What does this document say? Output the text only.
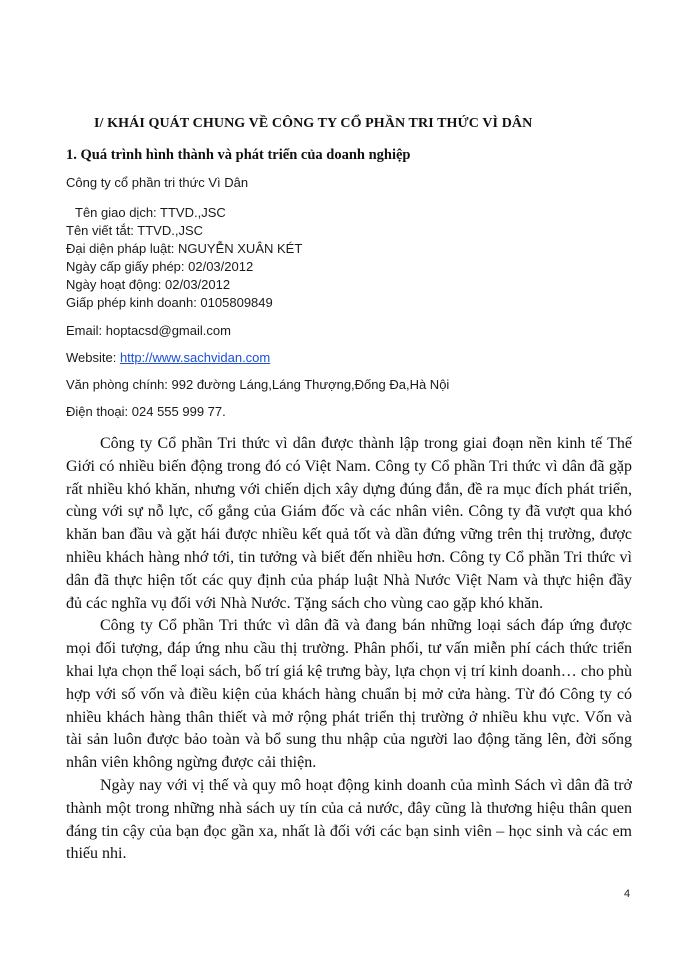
I/ KHÁI QUÁT CHUNG VỀ CÔNG TY CỔ PHẦN TRI THỨC VÌ DÂN
1. Quá trình hình thành và phát triển của doanh nghiệp
Công ty cổ phần tri thức Vì Dân
Tên giao dịch: TTVD.,JSC
Tên viết tắt: TTVD.,JSC
Đại diện pháp luật: NGUYỄN XUÂN KÉT
Ngày cấp giấy phép: 02/03/2012
Ngày hoạt động: 02/03/2012
Giấp phép kinh doanh: 0105809849
Email: hoptacsd@gmail.com
Website: http://www.sachvidan.com
Văn phòng chính: 992 đường Láng,Láng Thượng,Đống Đa,Hà Nội
Điện thoại: 024 555 999 77.

Công ty Cổ phần Tri thức vì dân được thành lập trong giai đoạn nền kinh tế Thế Giới có nhiều biến động trong đó có Việt Nam. Công ty Cổ phần Tri thức vì dân đã gặp rất nhiều khó khăn, nhưng với chiến dịch xây dựng đúng đắn, đề ra mục đích phát triển, cùng với sự nỗ lực, cố gắng của Giám đốc và các nhân viên. Công ty đã vượt qua khó khăn ban đầu và gặt hái được nhiều kết quả tốt và dần đứng vững trên thị trường, được nhiều khách hàng nhớ tới, tin tưởng và biết đến nhiều hơn. Công ty Cổ phần Tri thức vì dân đã thực hiện tốt các quy định của pháp luật Nhà Nước Việt Nam và thực hiện đầy đủ các nghĩa vụ đối với Nhà Nước. Tặng sách cho vùng cao gặp khó khăn.

Công ty Cổ phần Tri thức vì dân đã và đang bán những loại sách đáp ứng được mọi đối tượng, đáp ứng nhu cầu thị trường. Phân phối, tư vấn miễn phí cách thức triển khai lựa chọn thể loại sách, bố trí giá kệ trưng bày, lựa chọn vị trí kinh doanh… cho phù hợp với số vốn và điều kiện của khách hàng chuẩn bị mở cửa hàng. Từ đó Công ty có nhiều khách hàng thân thiết và mở rộng phát triển thị trường ở nhiều khu vực. Vốn và tài sản luôn được bảo toàn và bổ sung thu nhập của người lao động tăng lên, đời sống nhân viên không ngừng được cải thiện.

Ngày nay với vị thế và quy mô hoạt động kinh doanh của mình Sách vì dân đã trở thành một trong những nhà sách uy tín của cả nước, đây cũng là thương hiệu thân quen đáng tin cậy của bạn đọc gần xa, nhất là đối với các bạn sinh viên – học sinh và các em thiếu nhi.

4
